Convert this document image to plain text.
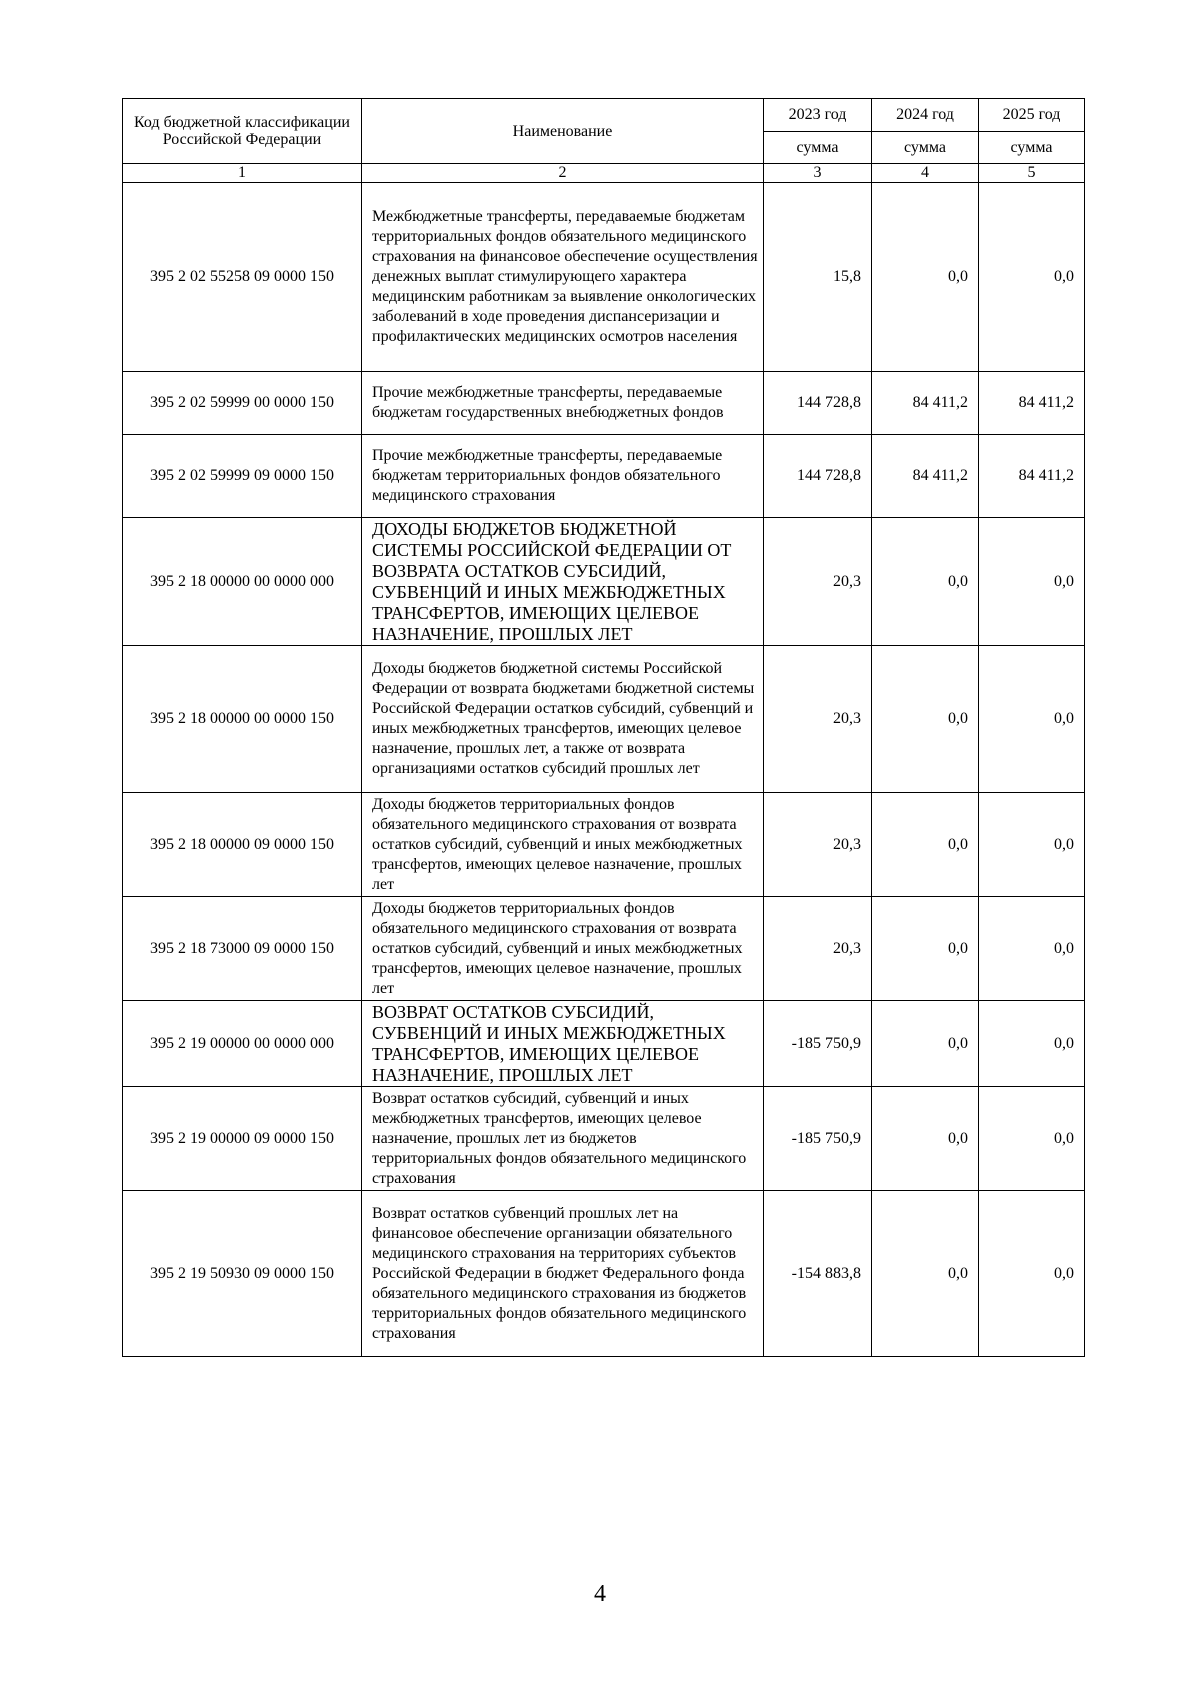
Код бюджетной классификации Российской Федерации	Наименование	2023 год	2024 год	2025 год
		сумма	сумма	сумма
1	2	3	4	5
395 2 02 55258 09 0000 150	Межбюджетные трансферты, передаваемые бюджетам территориальных фондов обязательного медицинского страхования на финансовое обеспечение осуществления денежных выплат стимулирующего характера медицинским работникам за выявление онкологических заболеваний в ходе проведения диспансеризации и профилактических медицинских осмотров населения	15,8	0,0	0,0
395 2 02 59999 00 0000 150	Прочие межбюджетные трансферты, передаваемые бюджетам государственных внебюджетных фондов	144 728,8	84 411,2	84 411,2
395 2 02 59999 09 0000 150	Прочие межбюджетные трансферты, передаваемые бюджетам территориальных фондов обязательного медицинского страхования	144 728,8	84 411,2	84 411,2
395 2 18 00000 00 0000 000	ДОХОДЫ БЮДЖЕТОВ БЮДЖЕТНОЙ СИСТЕМЫ РОССИЙСКОЙ ФЕДЕРАЦИИ ОТ ВОЗВРАТА ОСТАТКОВ СУБСИДИЙ, СУБВЕНЦИЙ И ИНЫХ МЕЖБЮДЖЕТНЫХ ТРАНСФЕРТОВ, ИМЕЮЩИХ ЦЕЛЕВОЕ НАЗНАЧЕНИЕ, ПРОШЛЫХ ЛЕТ	20,3	0,0	0,0
395 2 18 00000 00 0000 150	Доходы бюджетов бюджетной системы Российской Федерации от возврата бюджетами бюджетной системы Российской Федерации остатков субсидий, субвенций и иных межбюджетных трансфертов, имеющих целевое назначение, прошлых лет, а также от возврата организациями остатков субсидий прошлых лет	20,3	0,0	0,0
395 2 18 00000 09 0000 150	Доходы бюджетов территориальных фондов обязательного медицинского страхования от возврата остатков субсидий, субвенций и иных межбюджетных трансфертов, имеющих целевое назначение, прошлых лет	20,3	0,0	0,0
395 2 18 73000 09 0000 150	Доходы бюджетов территориальных фондов обязательного медицинского страхования от возврата остатков субсидий, субвенций и иных межбюджетных трансфертов, имеющих целевое назначение, прошлых лет	20,3	0,0	0,0
395 2 19 00000 00 0000 000	ВОЗВРАТ ОСТАТКОВ СУБСИДИЙ, СУБВЕНЦИЙ И ИНЫХ МЕЖБЮДЖЕТНЫХ ТРАНСФЕРТОВ, ИМЕЮЩИХ ЦЕЛЕВОЕ НАЗНАЧЕНИЕ, ПРОШЛЫХ ЛЕТ	-185 750,9	0,0	0,0
395 2 19 00000 09 0000 150	Возврат остатков субсидий, субвенций и иных межбюджетных трансфертов, имеющих целевое назначение, прошлых лет из бюджетов территориальных фондов обязательного медицинского страхования	-185 750,9	0,0	0,0
395 2 19 50930 09 0000 150	Возврат остатков субвенций прошлых лет на финансовое обеспечение организации обязательного медицинского страхования на территориях субъектов Российской Федерации в бюджет Федерального фонда обязательного медицинского страхования из бюджетов территориальных фондов обязательного медицинского страхования	-154 883,8	0,0	0,0
4
